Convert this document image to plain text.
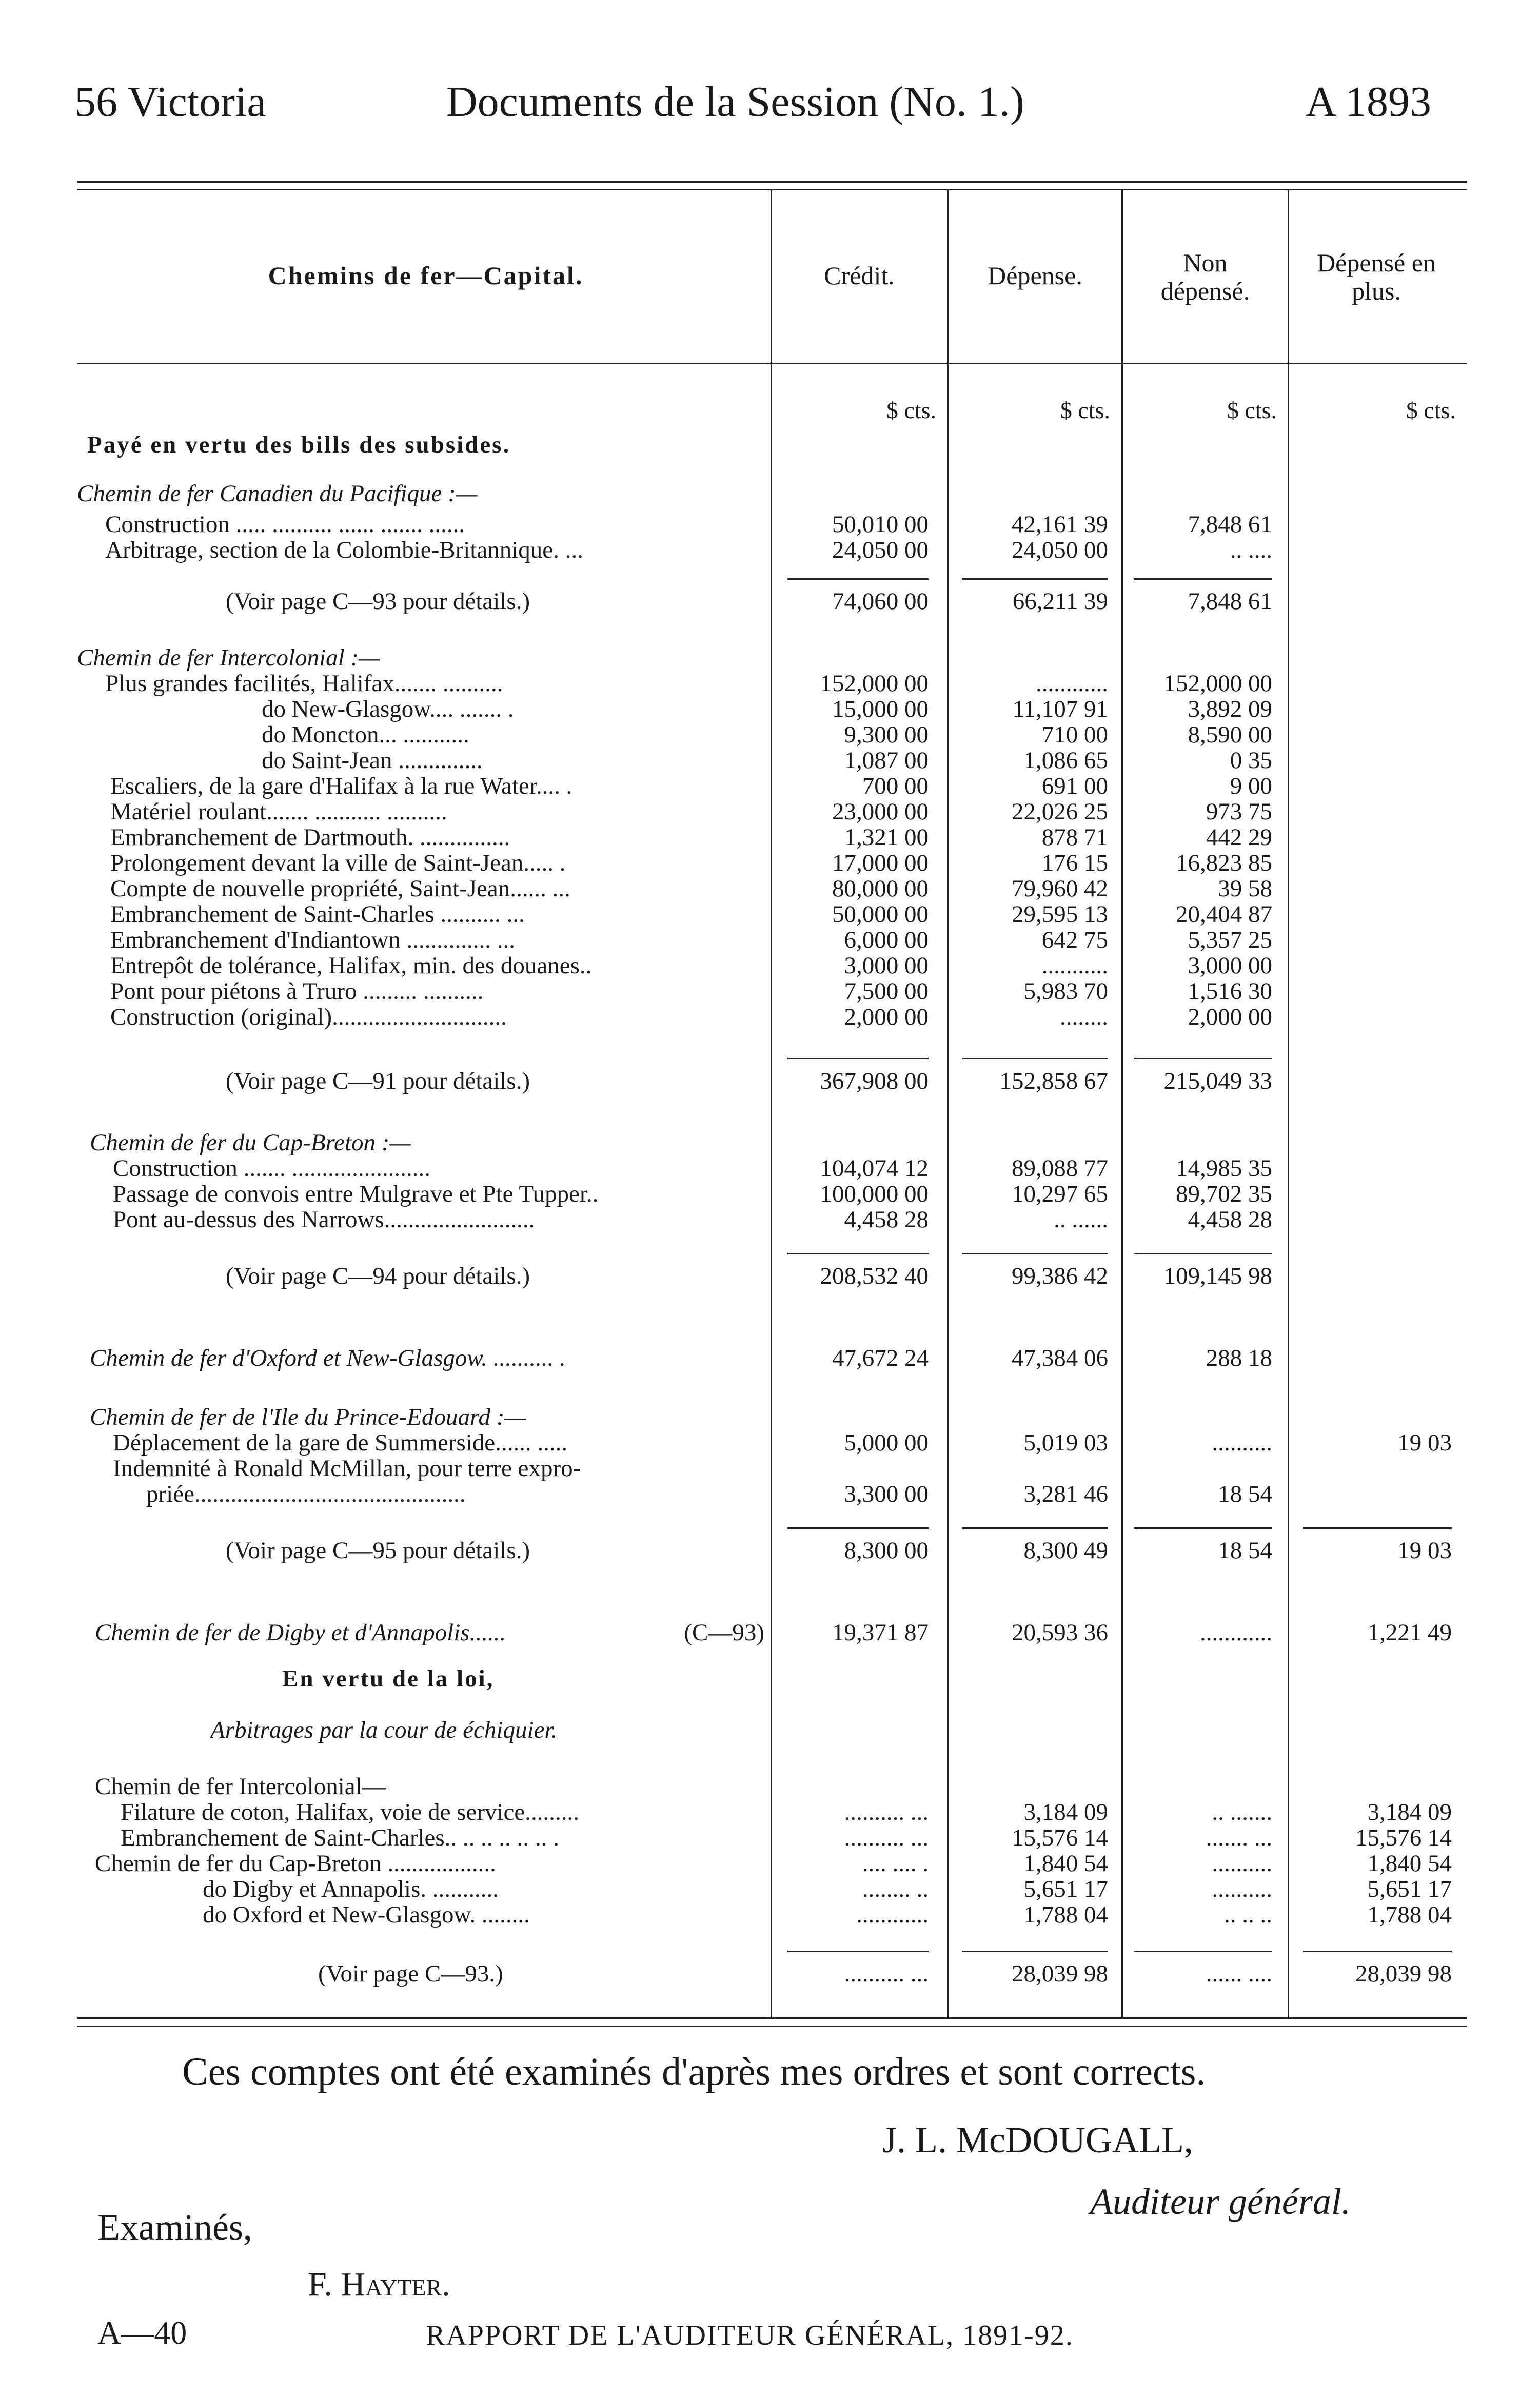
56 Victoria	Documents de la Session (No. 1.)	A 1893
Chemins de fer—Capital.	Crédit.	Dépense.	Non
dépensé.
Dépensé en
plus.
$ cts.	$ cts.	$ cts.	$ cts.
Payé en vertu des bills des subsides.
Chemin de fer Canadien du Pacifique :—
Construction ..... .......... ...... ....... ......	50,010 00	42,161 39	7,848 61
Arbitrage, section de la Colombie-Britannique. ...	24,050 00	24,050 00	.. ....
(Voir page C—93 pour détails.)	74,060 00	66,211 39	7,848 61
Chemin de fer Intercolonial :—
Plus grandes facilités, Halifax....... ..........	152,000 00	............	152,000 00
do New-Glasgow.... ....... .	15,000 00	11,107 91	3,892 09
do Moncton... ...........	9,300 00	710 00	8,590 00
do Saint-Jean ..............	1,087 00	1,086 65	0 35
Escaliers, de la gare d'Halifax à la rue Water.... .	700 00	691 00	9 00
Matériel roulant....... ........... ..........	23,000 00	22,026 25	973 75
Embranchement de Dartmouth. ...............	1,321 00	878 71	442 29
Prolongement devant la ville de Saint-Jean..... .	17,000 00	176 15	16,823 85
Compte de nouvelle propriété, Saint-Jean...... ...	80,000 00	79,960 42	39 58
Embranchement de Saint-Charles .......... ...	50,000 00	29,595 13	20,404 87
Embranchement d'Indiantown .............. ...	6,000 00	642 75	5,357 25
Entrepôt de tolérance, Halifax, min. des douanes..	3,000 00	...........	3,000 00
Pont pour piétons à Truro ......... ..........	7,500 00	5,983 70	1,516 30
Construction (original).............................	2,000 00	........	2,000 00
(Voir page C—91 pour détails.)	367,908 00	152,858 67	215,049 33
Chemin de fer du Cap-Breton :—
Construction ....... .......................	104,074 12	89,088 77	14,985 35
Passage de convois entre Mulgrave et Pte Tupper..	100,000 00	10,297 65	89,702 35
Pont au-dessus des Narrows.........................	4,458 28	.. ......	4,458 28
(Voir page C—94 pour détails.)	208,532 40	99,386 42	109,145 98
Chemin de fer d'Oxford et New-Glasgow. .......... .	47,672 24	47,384 06	288 18
Chemin de fer de l'Ile du Prince-Edouard :—
Déplacement de la gare de Summerside...... .....	5,000 00	5,019 03	..........	19 03
Indemnité à Ronald McMillan, pour terre expro-
priée.............................................	3,300 00	3,281 46	18 54
(Voir page C—95 pour détails.)	8,300 00	8,300 49	18 54	19 03
Chemin de fer de Digby et d'Annapolis......	(C—93)	19,371 87	20,593 36	............	1,221 49
En vertu de la loi,
Arbitrages par la cour de échiquier.
Chemin de fer Intercolonial—
Filature de coton, Halifax, voie de service.........	.......... ...	3,184 09	.. .......	3,184 09
Embranchement de Saint-Charles.. .. .. .. .. .. .	.......... ...	15,576 14	....... ...	15,576 14
Chemin de fer du Cap-Breton ..................	.... .... .	1,840 54	..........	1,840 54
do Digby et Annapolis. ...........	........ ..	5,651 17	..........	5,651 17
do Oxford et New-Glasgow. ........	............	1,788 04	.. .. ..	1,788 04
(Voir page C—93.)	.......... ...	28,039 98	...... ....	28,039 98
Ces comptes ont été examinés d'après mes ordres et sont corrects.
J. L. McDOUGALL,
Auditeur général.
Examinés,
F. Hayter.
A—40	RAPPORT DE L'AUDITEUR GÉNÉRAL, 1891-92.
